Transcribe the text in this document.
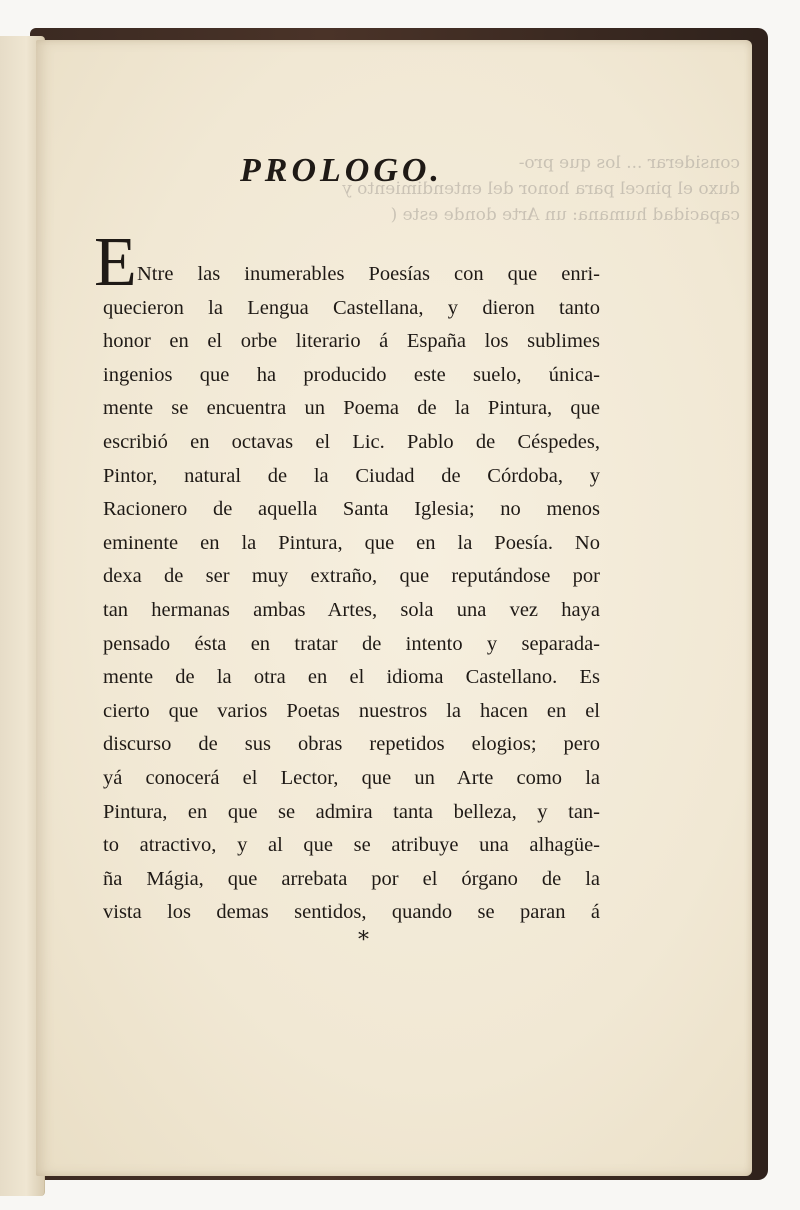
considerar ... los que pro-
duxo el pincel para honor del entendimiento y
capacidad humana: un Arte donde este (
PROLOGO.
E Ntre las inumerables Poesías con que enri-
quecieron la Lengua Castellana, y dieron tanto
honor en el orbe literario á España los sublimes
ingenios que ha producido este suelo, única-
mente se encuentra un Poema de la Pintura, que
escribió en octavas el Lic. Pablo de Céspedes,
Pintor, natural de la Ciudad de Córdoba, y
Racionero de aquella Santa Iglesia; no menos
eminente en la Pintura, que en la Poesía. No
dexa de ser muy extraño, que reputándose por
tan hermanas ambas Artes, sola una vez haya
pensado ésta en tratar de intento y separada-
mente de la otra en el idioma Castellano. Es
cierto que varios Poetas nuestros la hacen en el
discurso de sus obras repetidos elogios; pero
yá conocerá el Lector, que un Arte como la
Pintura, en que se admira tanta belleza, y tan-
to atractivo, y al que se atribuye una alhagüe-
ña Mágia, que arrebata por el órgano de la
vista los demas sentidos, quando se paran á
*
